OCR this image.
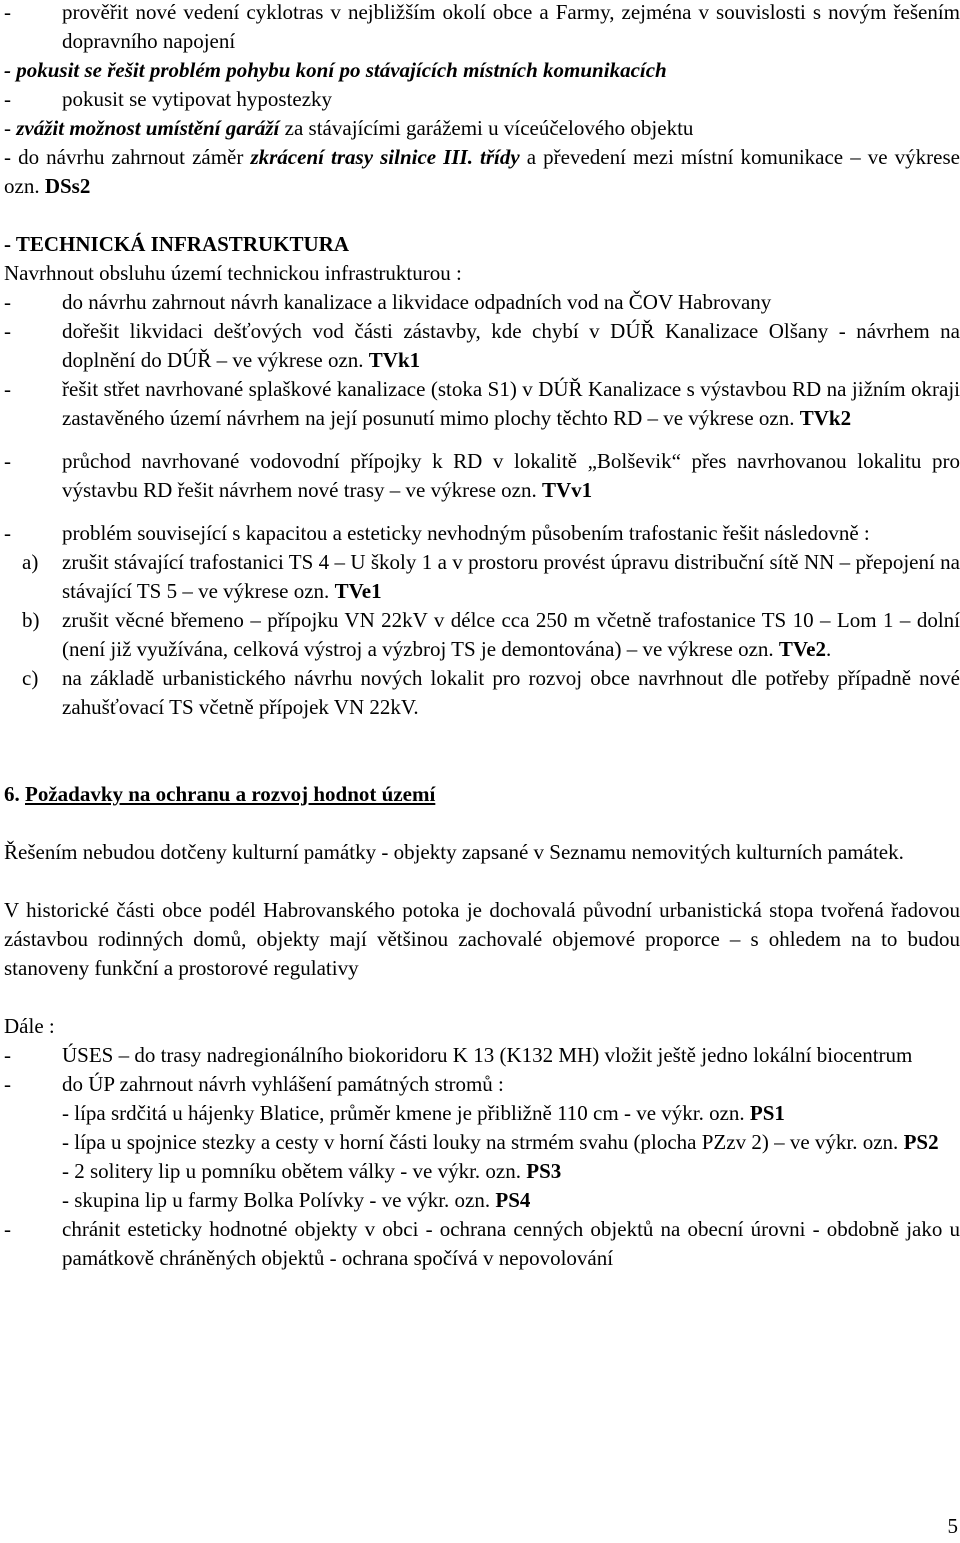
-	prověřit nové vedení cyklotras v nejbližším okolí obce a Farmy, zejména v souvislosti s novým řešením dopravního napojení
- pokusit se řešit problém pohybu koní po stávajících místních komunikacích
-	pokusit se vytipovat hypostezky
- zvážit možnost umístění garáží za stávajícími garážemi u víceúčelového objektu
- do návrhu zahrnout záměr zkrácení trasy silnice III. třídy a převedení mezi místní komunikace – ve výkrese ozn. DSs2
- TECHNICKÁ INFRASTRUKTURA
Navrhnout obsluhu území technickou infrastrukturou :
-	do návrhu zahrnout návrh kanalizace a likvidace odpadních vod na ČOV Habrovany
-	dořešit likvidaci dešťových vod části zástavby, kde chybí v DÚŘ Kanalizace Olšany - návrhem na doplnění do DÚŘ – ve výkrese ozn. TVk1
-	řešit střet navrhované splaškové kanalizace (stoka S1) v DÚŘ Kanalizace s výstavbou RD na jižním okraji zastavěného území návrhem na její posunutí mimo plochy těchto RD – ve výkrese ozn. TVk2
-	průchod navrhované vodovodní přípojky k RD v lokalitě „Bolševik“ přes navrhovanou lokalitu pro výstavbu RD řešit návrhem nové trasy – ve výkrese ozn. TVv1
-	problém související s kapacitou a esteticky nevhodným působením trafostanic řešit následovně :
a)	zrušit stávající trafostanici TS 4 – U školy 1 a v prostoru provést úpravu distribuční sítě NN – přepojení na stávající TS 5 – ve výkrese ozn. TVe1
b)	zrušit věcné břemeno – přípojku VN 22kV v délce cca 250 m včetně trafostanice TS 10 – Lom 1 – dolní (není již využívána, celková výstroj a výzbroj TS je demontována) – ve výkrese ozn. TVe2.
c)	na základě urbanistického návrhu nových lokalit pro rozvoj obce navrhnout dle potřeby případně nové zahušťovací TS včetně přípojek VN 22kV.
6. Požadavky na ochranu a rozvoj hodnot území
Řešením nebudou dotčeny kulturní památky - objekty zapsané v Seznamu nemovitých kulturních památek.
V historické části obce podél Habrovanského potoka je dochovalá původní urbanistická stopa tvořená řadovou zástavbou rodinných domů, objekty mají většinou zachovalé objemové proporce – s ohledem na to budou stanoveny funkční a prostorové regulativy
Dále :
-	ÚSES – do trasy nadregionálního biokoridoru K 13 (K132 MH) vložit ještě jedno lokální biocentrum
-	do ÚP zahrnout návrh vyhlášení památných stromů :
- lípa srdčitá u hájenky Blatice, průměr kmene je přibližně 110 cm - ve výkr. ozn. PS1
- lípa u spojnice stezky a cesty v horní části louky na strmém svahu (plocha PZzv 2) – ve výkr. ozn. PS2
- 2 solitery lip u pomníku obětem války - ve výkr. ozn. PS3
- skupina lip u farmy Bolka Polívky - ve výkr. ozn. PS4
-	chránit esteticky hodnotné objekty v obci - ochrana cenných objektů na obecní úrovni - obdobně jako u památkově chráněných objektů - ochrana spočívá v nepovolování
5
